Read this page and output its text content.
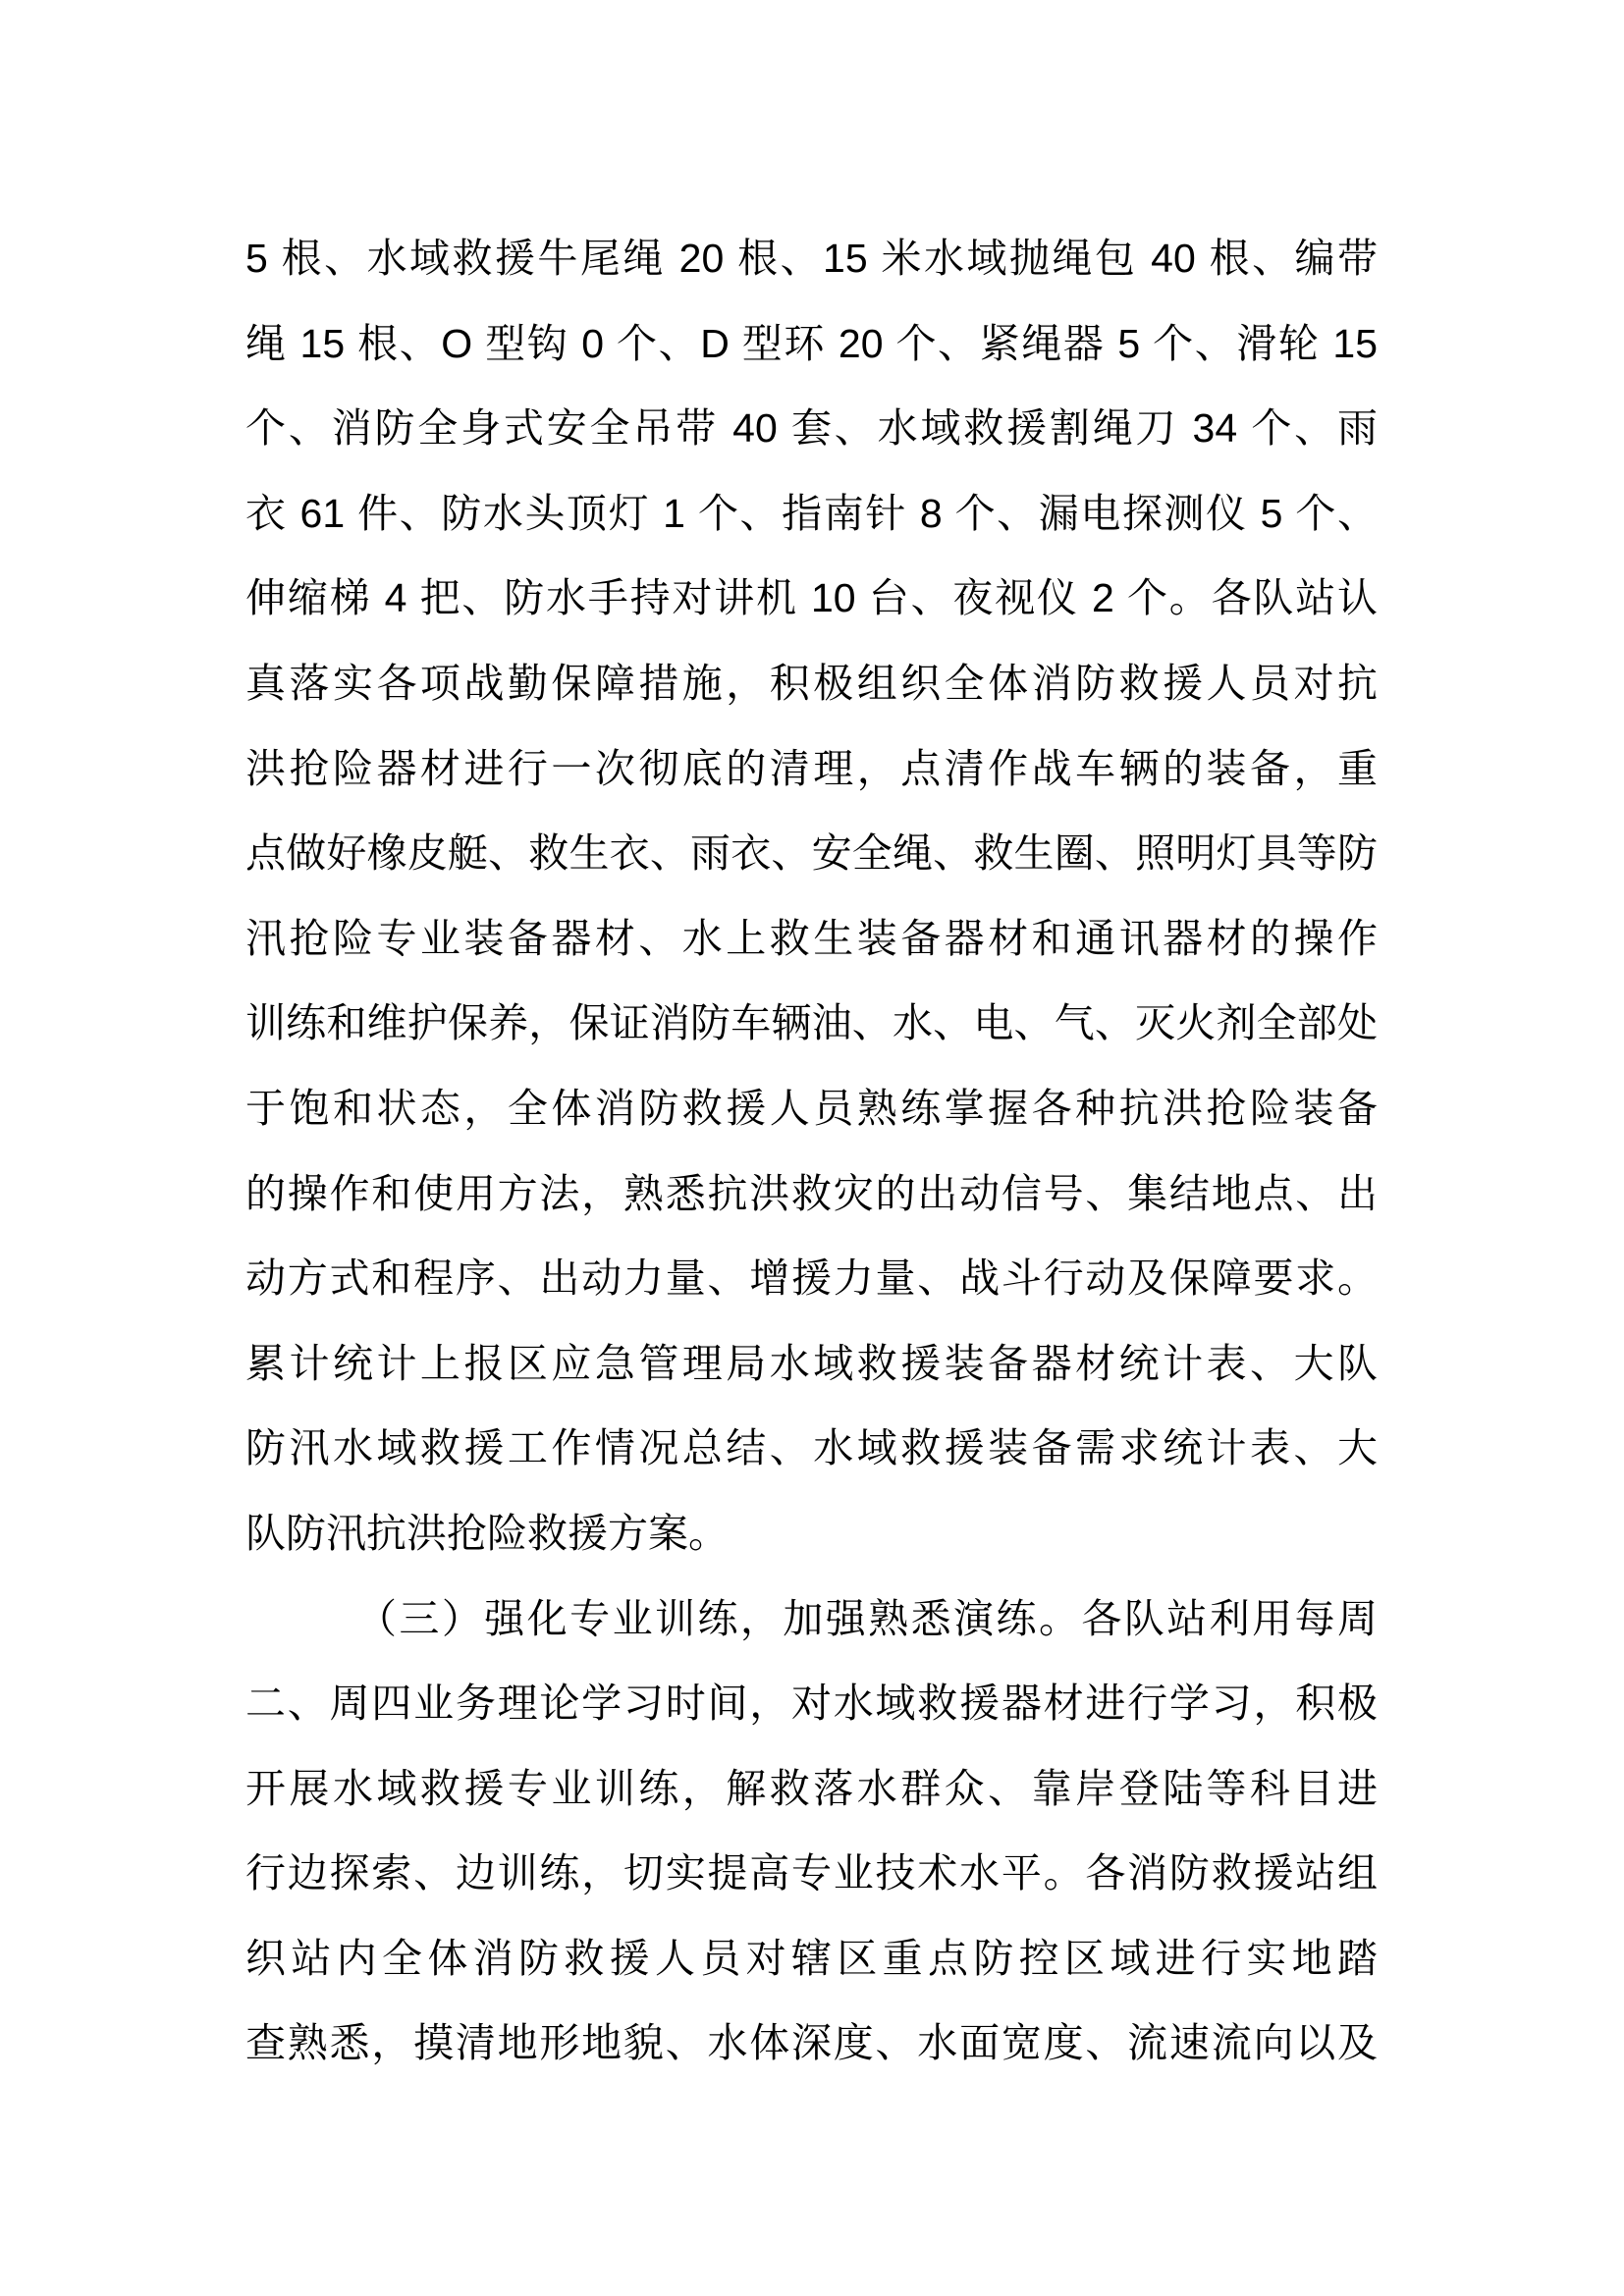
5 根、水域救援牛尾绳 20 根、15 米水域抛绳包 40 根、编带
绳 15 根、O 型钩 0 个、D 型环 20 个、紧绳器 5 个、滑轮 15
个、消防全身式安全吊带 40 套、水域救援割绳刀 34 个、雨
衣 61 件、防水头顶灯 1 个、指南针 8 个、漏电探测仪 5 个、
伸缩梯 4 把、防水手持对讲机 10 台、夜视仪 2 个。各队站认
真落实各项战勤保障措施，积极组织全体消防救援人员对抗
洪抢险器材进行一次彻底的清理，点清作战车辆的装备，重
点做好橡皮艇、救生衣、雨衣、安全绳、救生圈、照明灯具等防
汛抢险专业装备器材、水上救生装备器材和通讯器材的操作
训练和维护保养，保证消防车辆油、水、电、气、灭火剂全部处
于饱和状态，全体消防救援人员熟练掌握各种抗洪抢险装备
的操作和使用方法，熟悉抗洪救灾的出动信号、集结地点、出
动方式和程序、出动力量、增援力量、战斗行动及保障要求。
累计统计上报区应急管理局水域救援装备器材统计表、大队
防汛水域救援工作情况总结、水域救援装备需求统计表、大
队防汛抗洪抢险救援方案。
（三）强化专业训练，加强熟悉演练。各队站利用每周
二、周四业务理论学习时间，对水域救援器材进行学习，积极
开展水域救援专业训练，解救落水群众、靠岸登陆等科目进
行边探索、边训练，切实提高专业技术水平。各消防救援站组
织站内全体消防救援人员对辖区重点防控区域进行实地踏
查熟悉，摸清地形地貌、水体深度、水面宽度、流速流向以及
